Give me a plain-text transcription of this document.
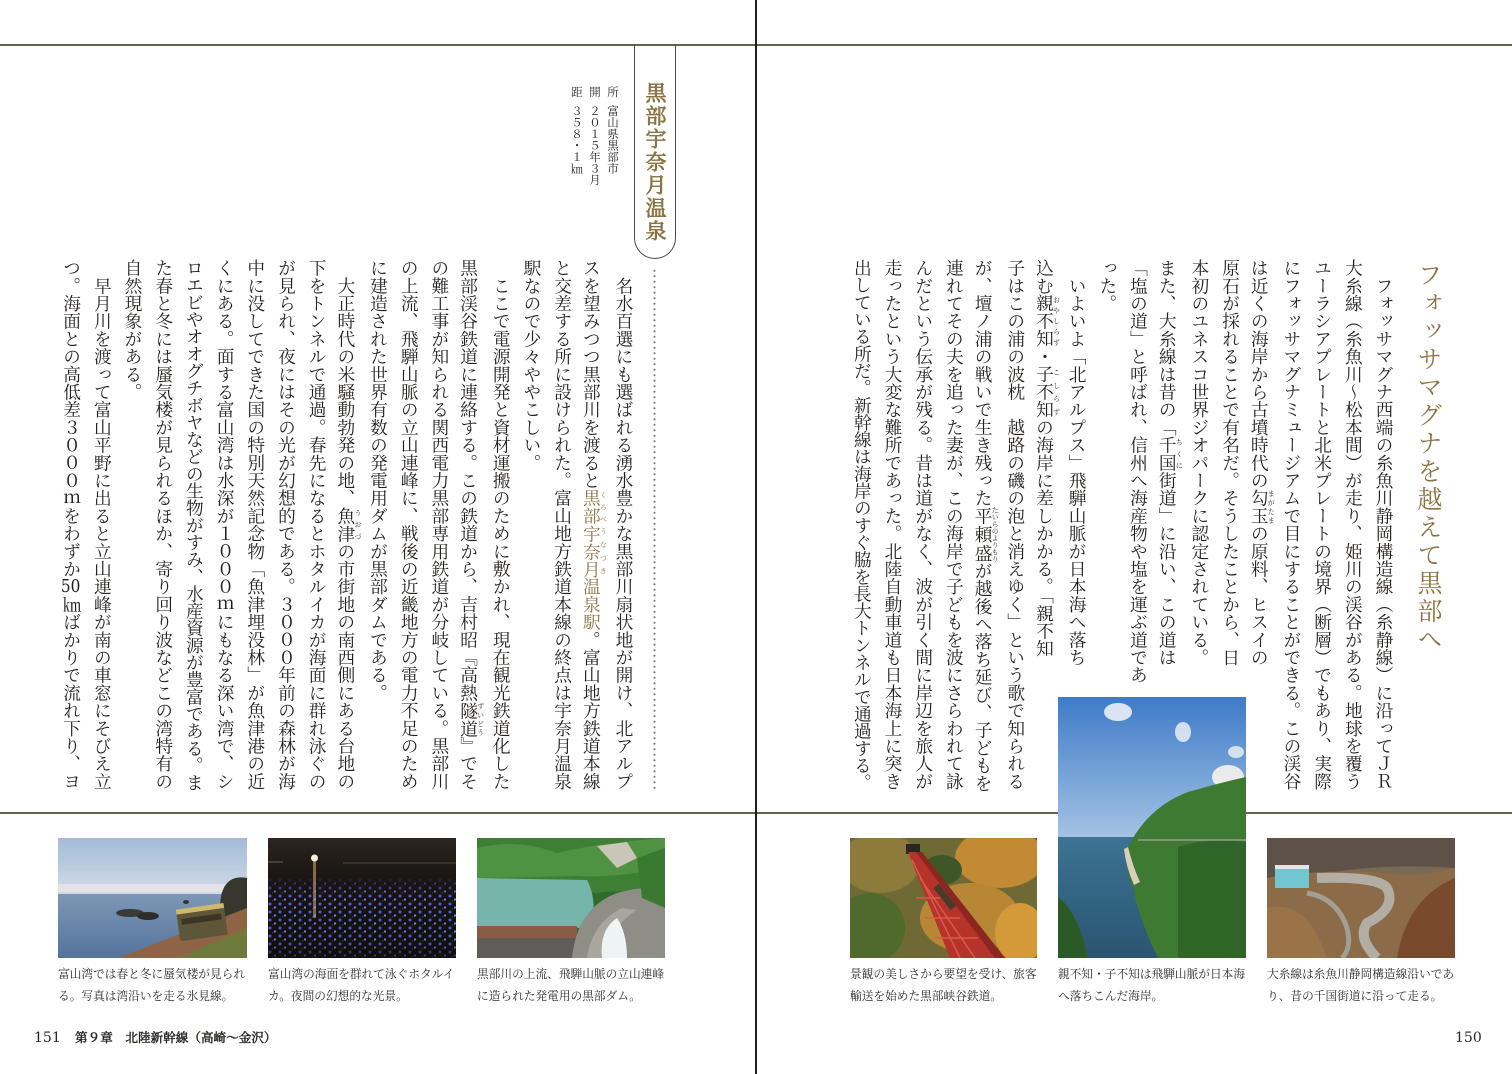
黒部宇奈月温泉
所富山県黒部市
開２０１５年３月
距３５８・１㎞
　名水百選にも選ばれる湧水豊かな黒部川扇状地が開け、北アルプ
スを望みつつ黒部川を渡ると黒部 くろべ宇奈月 うなづき温泉駅。富山地方鉄道本線
と交差する所に設けられた。富山地方鉄道本線の終点は宇奈月温泉
駅なので少々ややこしい。
　ここで電源開発と資材運搬のために敷かれ、現在観光鉄道化した
黒部渓谷鉄道に連絡する。この鉄道から、吉村昭『高熱隧道 ずいどう』でそ
の難工事が知られる関西電力黒部専用鉄道が分岐している。黒部川
の上流、飛騨山脈の立山連峰に、戦後の近畿地方の電力不足のため
に建造された世界有数の発電用ダムが黒部ダムである。
　大正時代の米騒動勃発の地、魚津 うおづの市街地の南西側にある台地の
下をトンネルで通過。春先になるとホタルイカが海面に群れ泳ぐの
が見られ、夜にはその光が幻想的である。３０００年前の森林が海
中に没してできた国の特別天然記念物「魚津埋没林」が魚津港の近
くにある。面する富山湾は水深が１０００ｍにもなる深い湾で、シ
ロエビやオオグチボヤなどの生物がすみ、水産資源が豊富である。ま
た春と冬には蜃気楼が見られるほか、寄り回り波などこの湾特有の
自然現象がある。
　早月川を渡って富山平野に出ると立山連峰が南の車窓にそびえ立
つ。海面との高低差３０００ｍをわずか50㎞ばかりで流れ下り、ヨ
富山湾では春と冬に蜃気楼が見られ
る。写真は湾沿いを走る氷見線。
富山湾の海面を群れて泳ぐホタルイ
カ。夜間の幻想的な光景。
黒部川の上流、飛騨山脈の立山連峰
に造られた発電用の黒部ダム。
151 第９章　北陸新幹線（高崎〜金沢）
フォッサマグナを越えて黒部へ
　フォッサマグナ西端の糸魚川静岡構造線（糸静線）に沿ってＪＲ
大糸線（糸魚川〜松本間）が走り、姫川の渓谷がある。地球を覆う
ユーラシアプレートと北米プレートの境界（断層）でもあり、実際
にフォッサマグナミュージアムで目にすることができる。この渓谷
は近くの海岸から古墳時代の勾玉 まがたまの原料、ヒスイの
原石が採れることで有名だ。そうしたことから、日
本初のユネスコ世界ジオパークに認定されている。
また、大糸線は昔の「千国 ちくに街道」に沿い、この道は
「塩の道」と呼ばれ、信州へ海産物や塩を運ぶ道であ
った。
　いよいよ「北アルプス」飛騨山脈が日本海へ落ち
込む親不知 おやしらず・子不知 こしらずの海岸に差しかかる。「親不知
子はこの浦の波枕　越路の磯の泡と消えゆく」という歌で知られる
が、壇ノ浦の戦いで生き残った平頼盛 たいらのよりもりが越後へ落ち延び、子どもを
連れてその夫を追った妻が、この海岸で子どもを波にさらわれて詠
んだという伝承が残る。昔は道がなく、波が引く間に岸辺を旅人が
走ったという大変な難所であった。北陸自動車道も日本海上に突き
出している所だ。新幹線は海岸のすぐ脇を長大トンネルで通過する。
景観の美しさから要望を受け、旅客
輸送を始めた黒部峡谷鉄道。
親不知・子不知は飛騨山脈が日本海
へ落ちこんだ海岸。
大糸線は糸魚川静岡構造線沿いであ
り、昔の千国街道に沿って走る。
150
